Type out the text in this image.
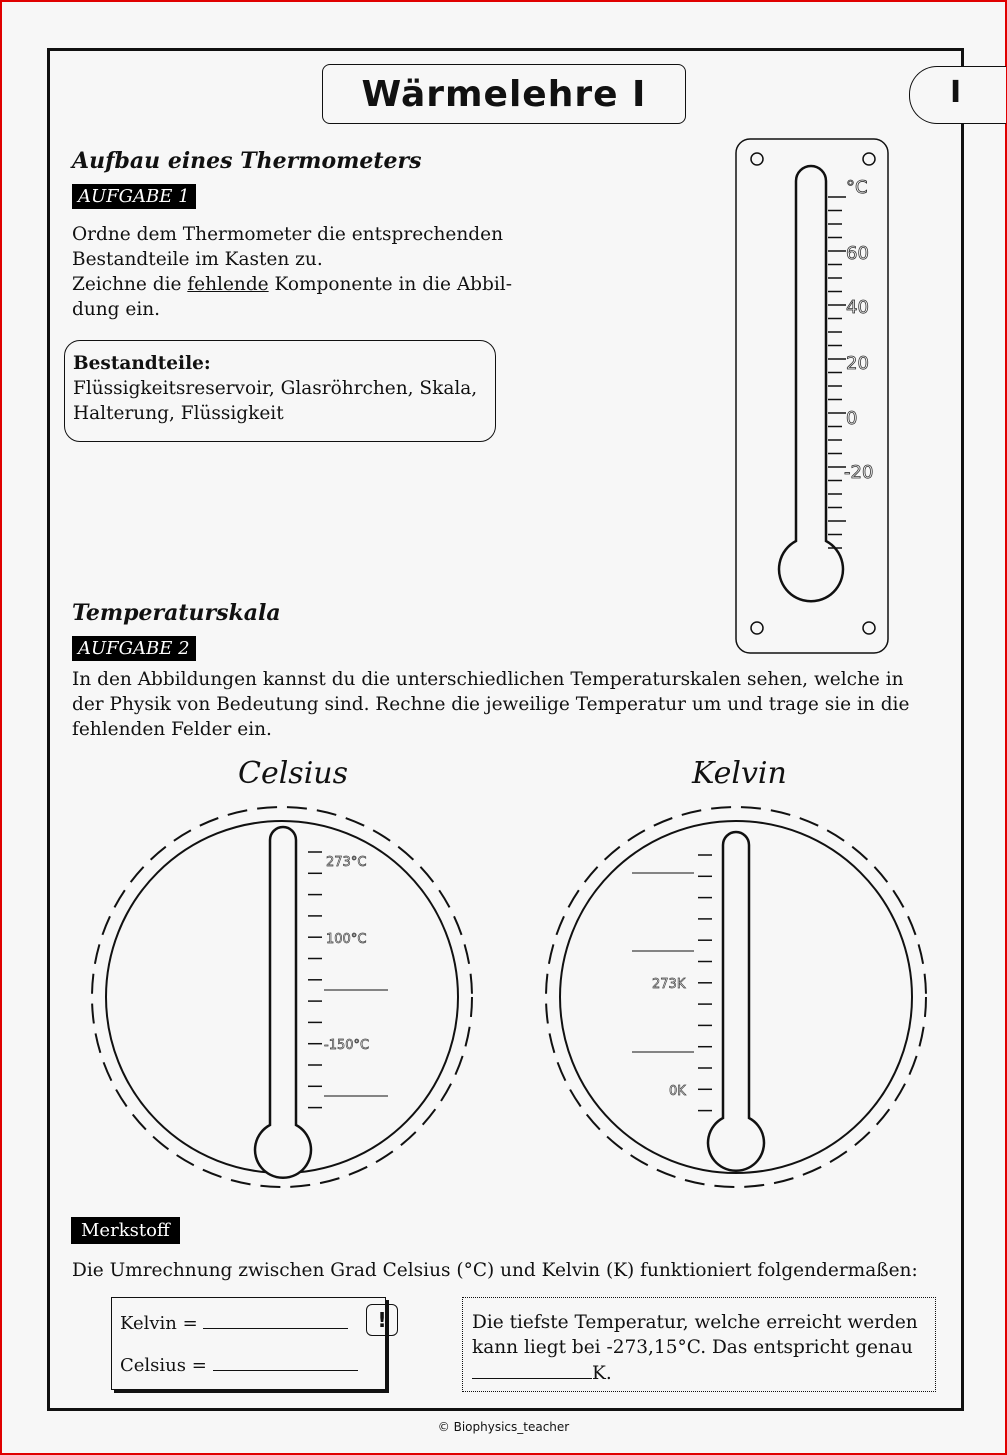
Wärmelehre I	I
Aufbau eines Thermometers
AUFGABE 1
Ordne dem Thermometer die entsprechenden
Bestandteile im Kasten zu.
Zeichne die fehlende Komponente in die Abbil-
dung ein.
Bestandteile:
Flüssigkeitsreservoir, Glasröhrchen, Skala,
Halterung, Flüssigkeit
°C
60
40
20
0
-20
Temperaturskala
AUFGABE 2
In den Abbildungen kannst du die unterschiedlichen Temperaturskalen sehen, welche in
der Physik von Bedeutung sind. Rechne die jeweilige Temperatur um und trage sie in die
fehlenden Felder ein.
Celsius
273°C
100°C
-150°C
Kelvin
273K
0K
Merkstoff
Die Umrechnung zwischen Grad Celsius (°C) und Kelvin (K) funktioniert folgendermaßen:
Kelvin =
Celsius =
!	Die tiefste Temperatur, welche erreicht werden
kann liegt bei -273,15°C. Das entspricht genau
K.
© Biophysics_teacher
